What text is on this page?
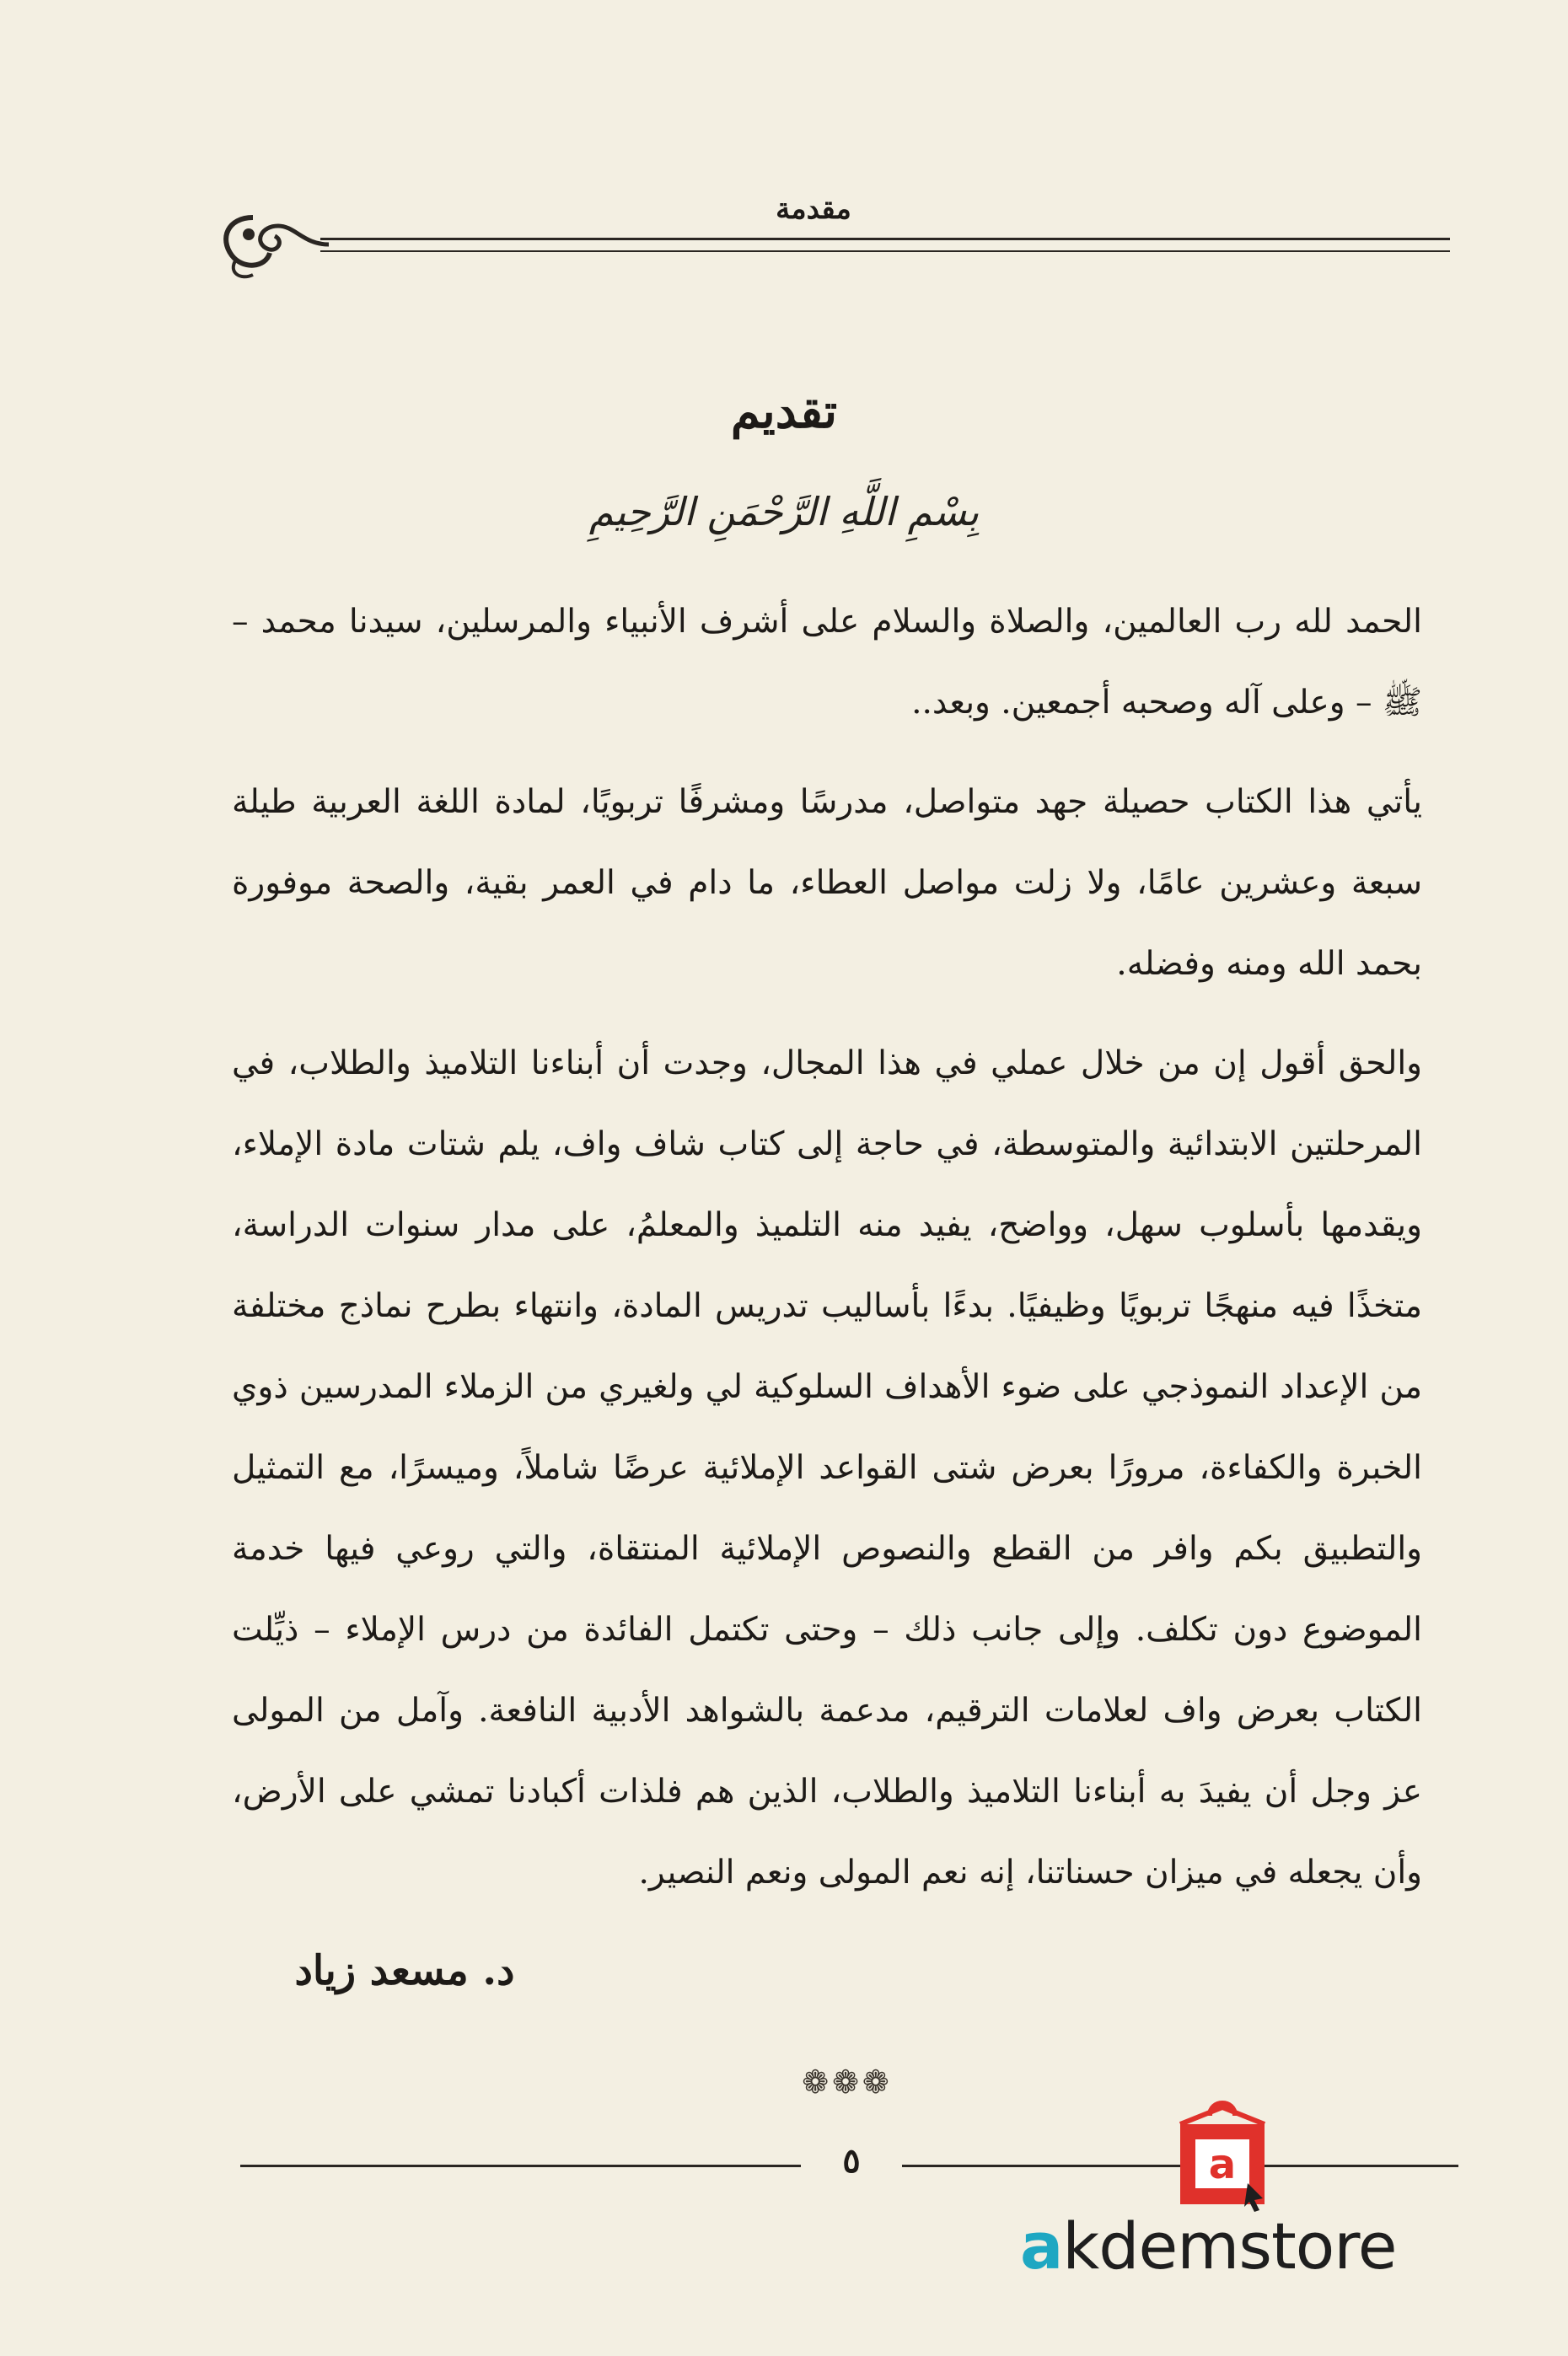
مقدمة
تقديم
بِسْمِ اللَّهِ الرَّحْمَنِ الرَّحِيمِ

الحمد لله رب العالمين، والصلاة والسلام على أشرف الأنبياء والمرسلين، سيدنا محمد – ﷺ – وعلى آله وصحبه أجمعين. وبعد..

يأتي هذا الكتاب حصيلة جهد متواصل، مدرسًا ومشرفًا تربويًا، لمادة اللغة العربية طيلة سبعة وعشرين عامًا، ولا زلت مواصل العطاء، ما دام في العمر بقية، والصحة موفورة بحمد الله ومنه وفضله.

والحق أقول إن من خلال عملي في هذا المجال، وجدت أن أبناءنا التلاميذ والطلاب، في المرحلتين الابتدائية والمتوسطة، في حاجة إلى كتاب شاف واف، يلم شتات مادة الإملاء، ويقدمها بأسلوب سهل، وواضح، يفيد منه التلميذ والمعلمُ، على مدار سنوات الدراسة، متخذًا فيه منهجًا تربويًا وظيفيًا. بدءًا بأساليب تدريس المادة، وانتهاء بطرح نماذج مختلفة من الإعداد النموذجي على ضوء الأهداف السلوكية لي ولغيري من الزملاء المدرسين ذوي الخبرة والكفاءة، مرورًا بعرض شتى القواعد الإملائية عرضًا شاملاً، وميسرًا، مع التمثيل والتطبيق بكم وافر من القطع والنصوص الإملائية المنتقاة، والتي روعي فيها خدمة الموضوع دون تكلف. وإلى جانب ذلك – وحتى تكتمل الفائدة من درس الإملاء – ذيِّلت الكتاب بعرض واف لعلامات الترقيم، مدعمة بالشواهد الأدبية النافعة. وآمل من المولى عز وجل أن يفيدَ به أبناءنا التلاميذ والطلاب، الذين هم فلذات أكبادنا تمشي على الأرض، وأن يجعله في ميزان حسناتنا، إنه نعم المولى ونعم النصير.

د. مسعد زياد
❁❁❁
٥	a
akdemstore
